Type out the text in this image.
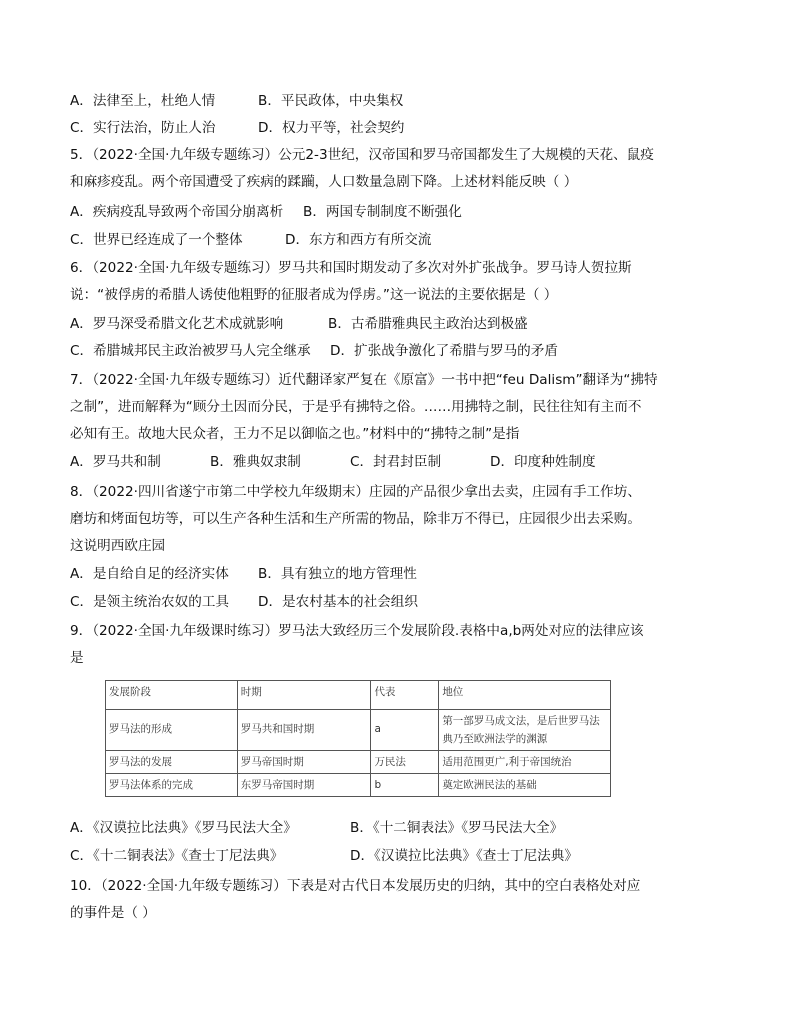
A．法律至上，杜绝人情	B．平民政体，中央集权
C．实行法治，防止人治	D．权力平等，社会契约
5．（2022·全国·九年级专题练习）公元2-3世纪，汉帝国和罗马帝国都发生了大规模的天花、鼠疫
和麻疹疫乱。两个帝国遭受了疾病的蹂躏，人口数量急剧下降。上述材料能反映（ ）
A．疾病疫乱导致两个帝国分崩离析 B．两国专制制度不断强化
C．世界已经连成了一个整体	D．东方和西方有所交流
6．（2022·全国·九年级专题练习）罗马共和国时期发动了多次对外扩张战争。罗马诗人贺拉斯
说：“被俘虏的希腊人诱使他粗野的征服者成为俘虏。”这一说法的主要依据是（ ）
A．罗马深受希腊文化艺术成就影响	B．古希腊雅典民主政治达到极盛
C．希腊城邦民主政治被罗马人完全继承 D．扩张战争激化了希腊与罗马的矛盾
7．（2022·全国·九年级专题练习）近代翻译家严复在《原富》一书中把“feu Dalism”翻译为“拂特
之制”，进而解释为“顾分土因而分民，于是乎有拂特之俗。……用拂特之制，民往往知有主而不
必知有王。故地大民众者，王力不足以御临之也。”材料中的“拂特之制”是指
A．罗马共和制	B．雅典奴隶制	C．封君封臣制	D．印度种姓制度
8．（2022·四川省遂宁市第二中学校九年级期末）庄园的产品很少拿出去卖，庄园有手工作坊、
磨坊和烤面包坊等，可以生产各种生活和生产所需的物品，除非万不得已，庄园很少出去采购。
这说明西欧庄园
A．是自给自足的经济实体 B．具有独立的地方管理性
C．是领主统治农奴的工具 D．是农村基本的社会组织
9．（2022·全国·九年级课时练习）罗马法大致经历三个发展阶段.表格中a,b两处对应的法律应该
是
发展阶段	时期	代表	地位
罗马法的形成	罗马共和国时期	a	第一部罗马成文法，是后世罗马法典乃至欧洲法学的渊源
罗马法的发展	罗马帝国时期	万民法	适用范围更广,利于帝国统治
罗马法体系的完成	东罗马帝国时期	b	奠定欧洲民法的基础
A．《汉谟拉比法典》《罗马民法大全》	B．《十二铜表法》《罗马民法大全》
C．《十二铜表法》《查士丁尼法典》	D．《汉谟拉比法典》《查士丁尼法典》
10．（2022·全国·九年级专题练习）下表是对古代日本发展历史的归纳，其中的空白表格处对应
的事件是（ ）
